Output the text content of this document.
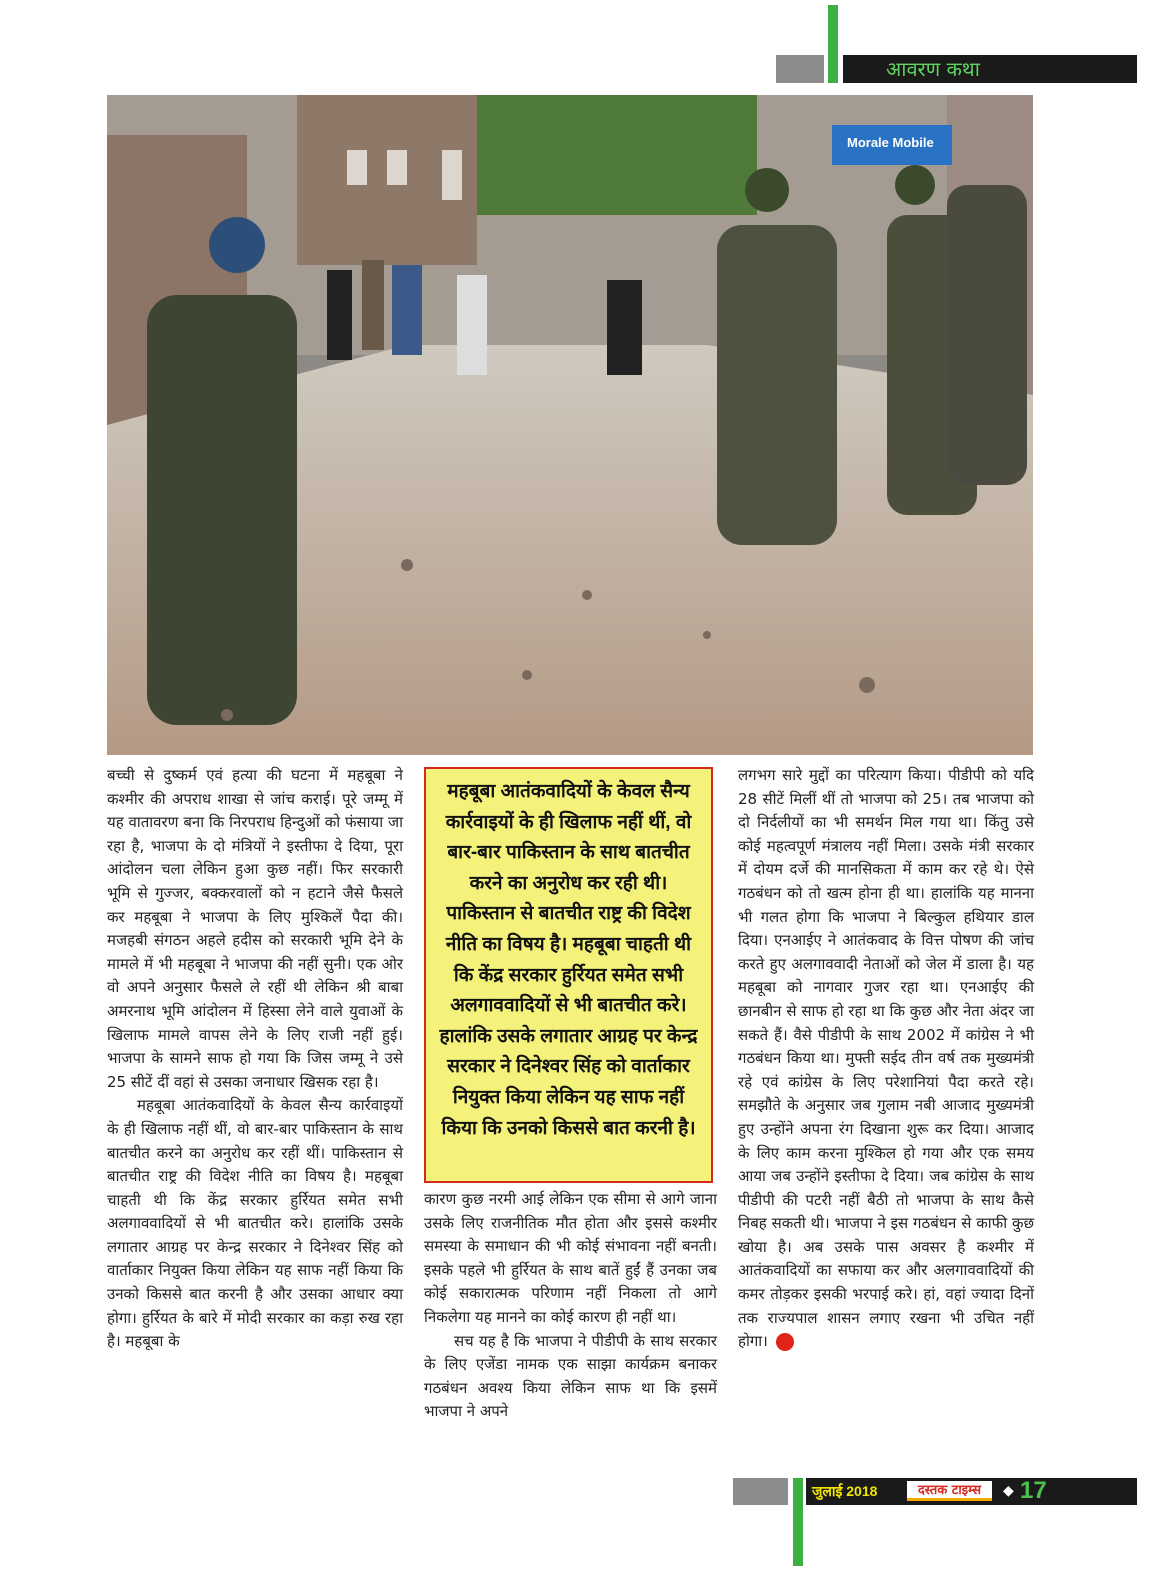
आवरण कथा
Morale Mobile

बच्ची से दुष्कर्म एवं हत्या की घटना में महबूबा ने कश्मीर की अपराध शाखा से जांच कराई। पूरे जम्मू में यह वातावरण बना कि निरपराध हिन्दुओं को फंसाया जा रहा है, भाजपा के दो मंत्रियों ने इस्तीफा दे दिया, पूरा आंदोलन चला लेकिन हुआ कुछ नहीं। फिर सरकारी भूमि से गुज्जर, बक्करवालों को न हटाने जैसे फैसले कर महबूबा ने भाजपा के लिए मुश्किलें पैदा की। मजहबी संगठन अहले हदीस को सरकारी भूमि देने के मामले में भी महबूबा ने भाजपा की नहीं सुनी। एक ओर वो अपने अनुसार फैसले ले रहीं थी लेकिन श्री बाबा अमरनाथ भूमि आंदोलन में हिस्सा लेने वाले युवाओं के खिलाफ मामले वापस लेने के लिए राजी नहीं हुई। भाजपा के सामने साफ हो गया कि जिस जम्मू ने उसे 25 सीटें दीं वहां से उसका जनाधार खिसक रहा है।

महबूबा आतंकवादियों के केवल सैन्य कार्रवाइयों के ही खिलाफ नहीं थीं, वो बार-बार पाकिस्तान के साथ बातचीत करने का अनुरोध कर रहीं थीं। पाकिस्तान से बातचीत राष्ट्र की विदेश नीति का विषय है। महबूबा चाहती थी कि केंद्र सरकार हुर्रियत समेत सभी अलगाववादियों से भी बातचीत करे। हालांकि उसके लगातार आग्रह पर केन्द्र सरकार ने दिनेश्वर सिंह को वार्ताकार नियुक्त किया लेकिन यह साफ नहीं किया कि उनको किससे बात करनी है और उसका आधार क्या होगा। हुर्रियत के बारे में मोदी सरकार का कड़ा रुख रहा है। महबूबा के

महबूबा आतंकवादियों के केवल सैन्य कार्रवाइयों के ही खिलाफ नहीं थीं, वो बार-बार पाकिस्तान के साथ बातचीत करने का अनुरोध कर रही थी। पाकिस्तान से बातचीत राष्ट्र की विदेश नीति का विषय है। महबूबा चाहती थी कि केंद्र सरकार हुर्रियत समेत सभी अलगाववादियों से भी बातचीत करे। हालांकि उसके लगातार आग्रह पर केन्द्र सरकार ने दिनेश्वर सिंह को वार्ताकार नियुक्त किया लेकिन यह साफ नहीं किया कि उनको किससे बात करनी है।

कारण कुछ नरमी आई लेकिन एक सीमा से आगे जाना उसके लिए राजनीतिक मौत होता और इससे कश्मीर समस्या के समाधान की भी कोई संभावना नहीं बनती। इसके पहले भी हुर्रियत के साथ बातें हुईं हैं उनका जब कोई सकारात्मक परिणाम नहीं निकला तो आगे निकलेगा यह मानने का कोई कारण ही नहीं था।

सच यह है कि भाजपा ने पीडीपी के साथ सरकार के लिए एजेंडा नामक एक साझा कार्यक्रम बनाकर गठबंधन अवश्य किया लेकिन साफ था कि इसमें भाजपा ने अपने

लगभग सारे मुद्दों का परित्याग किया। पीडीपी को यदि 28 सीटें मिलीं थीं तो भाजपा को 25। तब भाजपा को दो निर्दलीयों का भी समर्थन मिल गया था। किंतु उसे कोई महत्वपूर्ण मंत्रालय नहीं मिला। उसके मंत्री सरकार में दोयम दर्जे की मानसिकता में काम कर रहे थे। ऐसे गठबंधन को तो खत्म होना ही था। हालांकि यह मानना भी गलत होगा कि भाजपा ने बिल्कुल हथियार डाल दिया। एनआईए ने आतंकवाद के वित्त पोषण की जांच करते हुए अलगाववादी नेताओं को जेल में डाला है। यह महबूबा को नागवार गुजर रहा था। एनआईए की छानबीन से साफ हो रहा था कि कुछ और नेता अंदर जा सकते हैं। वैसे पीडीपी के साथ 2002 में कांग्रेस ने भी गठबंधन किया था। मुफ्ती सईद तीन वर्ष तक मुख्यमंत्री रहे एवं कांग्रेस के लिए परेशानियां पैदा करते रहे। समझौते के अनुसार जब गुलाम नबी आजाद मुख्यमंत्री हुए उन्होंने अपना रंग दिखाना शुरू कर दिया। आजाद के लिए काम करना मुश्किल हो गया और एक समय आया जब उन्होंने इस्तीफा दे दिया। जब कांग्रेस के साथ पीडीपी की पटरी नहीं बैठी तो भाजपा के साथ कैसे निबह सकती थी। भाजपा ने इस गठबंधन से काफी कुछ खोया है। अब उसके पास अवसर है कश्मीर में आतंकवादियों का सफाया कर और अलगाववादियों की कमर तोड़कर इसकी भरपाई करे। हां, वहां ज्यादा दिनों तक राज्यपाल शासन लगाए रखना भी उचित नहीं होगा।

जुलाई 2018	दस्तक टाइम्स	◆ 17
